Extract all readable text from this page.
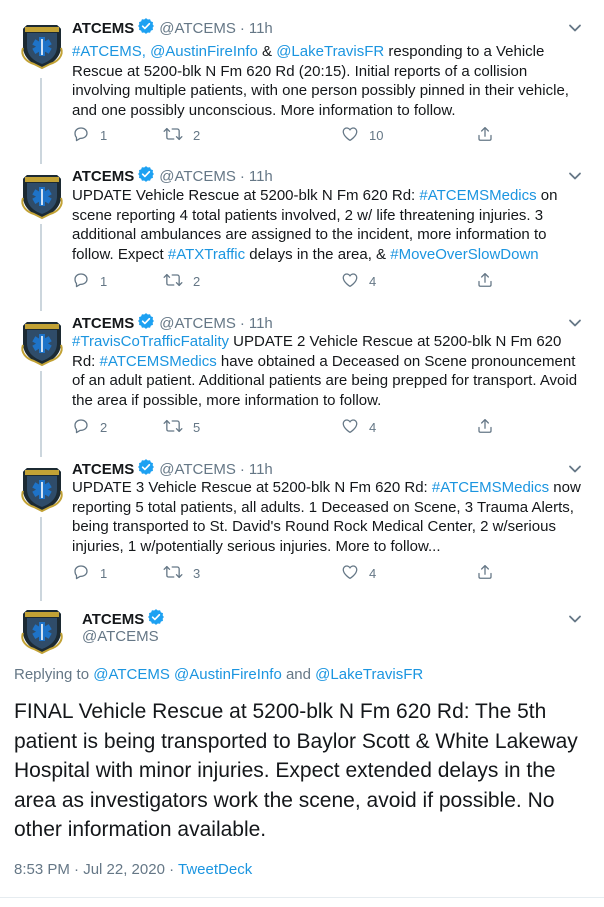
ATCEMS @ATCEMS · 11h
#ATCEMS, @AustinFireInfo & @LakeTravisFR responding to a Vehicle Rescue at 5200-blk N Fm 620 Rd (20:15). Initial reports of a collision involving multiple patients, with one person possibly pinned in their vehicle, and one possibly unconscious. More information to follow.
1	2	10
ATCEMS @ATCEMS · 11h
UPDATE Vehicle Rescue at 5200-blk N Fm 620 Rd: #ATCEMSMedics on scene reporting 4 total patients involved, 2 w/ life threatening injuries. 3 additional ambulances are assigned to the incident, more information to follow. Expect #ATXTraffic delays in the area, & #MoveOverSlowDown
1	2	4
ATCEMS @ATCEMS · 11h
#TravisCoTrafficFatality UPDATE 2 Vehicle Rescue at 5200-blk N Fm 620 Rd: #ATCEMSMedics have obtained a Deceased on Scene pronouncement of an adult patient. Additional patients are being prepped for transport. Avoid the area if possible, more information to follow.
2	5	4
ATCEMS @ATCEMS · 11h
UPDATE 3 Vehicle Rescue at 5200-blk N Fm 620 Rd: #ATCEMSMedics now reporting 5 total patients, all adults. 1 Deceased on Scene, 3 Trauma Alerts, being transported to St. David's Round Rock Medical Center, 2 w/serious injuries, 1 w/potentially serious injuries. More to follow...
1	3	4
ATCEMS
@ATCEMS
Replying to @ATCEMS @AustinFireInfo and @LakeTravisFR
FINAL Vehicle Rescue at 5200-blk N Fm 620 Rd: The 5th patient is being transported to Baylor Scott & White Lakeway Hospital with minor injuries. Expect extended delays in the area as investigators work the scene, avoid if possible. No other information available.
8:53 PM · Jul 22, 2020 · TweetDeck
